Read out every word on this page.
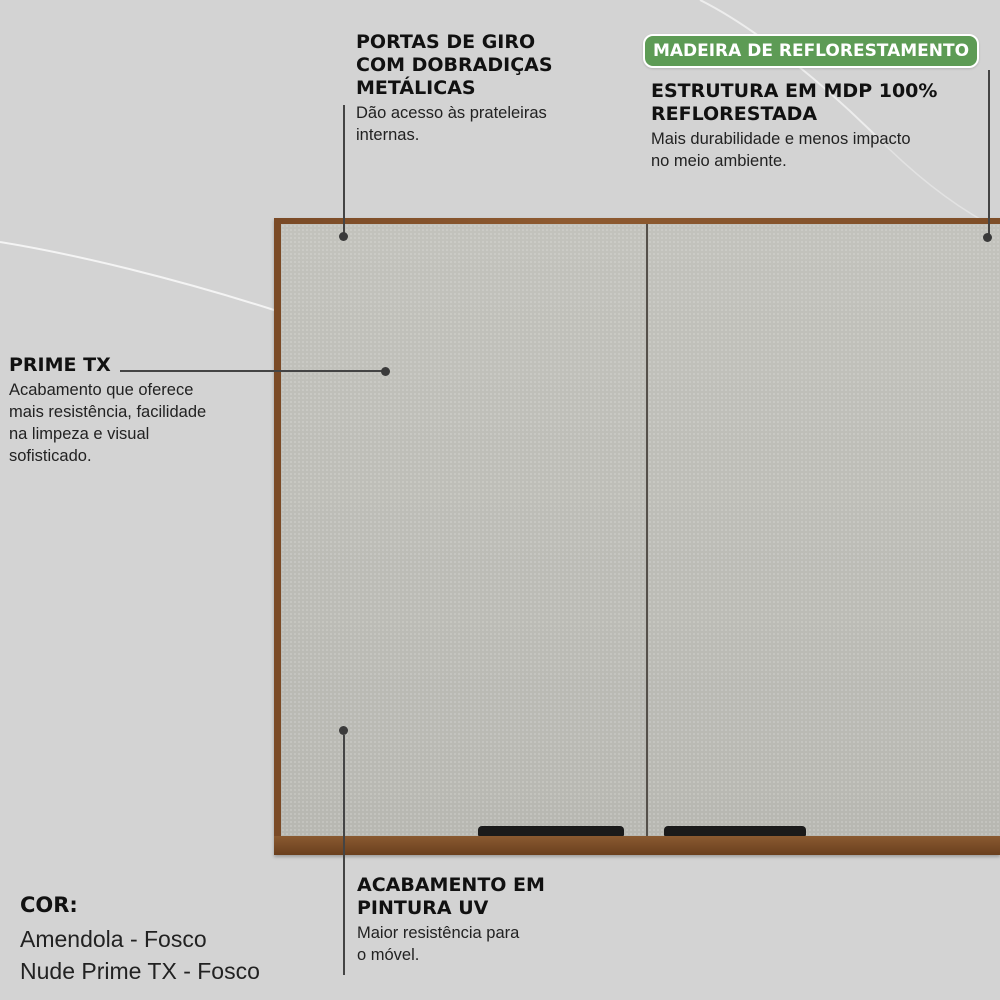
MADEIRA DE REFLORESTAMENTO

PORTAS DE GIRO
COM DOBRADIÇAS
METÁLICAS

Dão acesso às prateleiras
internas.

ESTRUTURA EM MDP 100%
REFLORESTADA

Mais durabilidade e menos impacto
no meio ambiente.

PRIME TX

Acabamento que oferece
mais resistência, facilidade
na limpeza e visual
sofisticado.

ACABAMENTO EM
PINTURA UV

Maior resistência para
o móvel.

COR:
Amendola - Fosco
Nude Prime TX - Fosco
